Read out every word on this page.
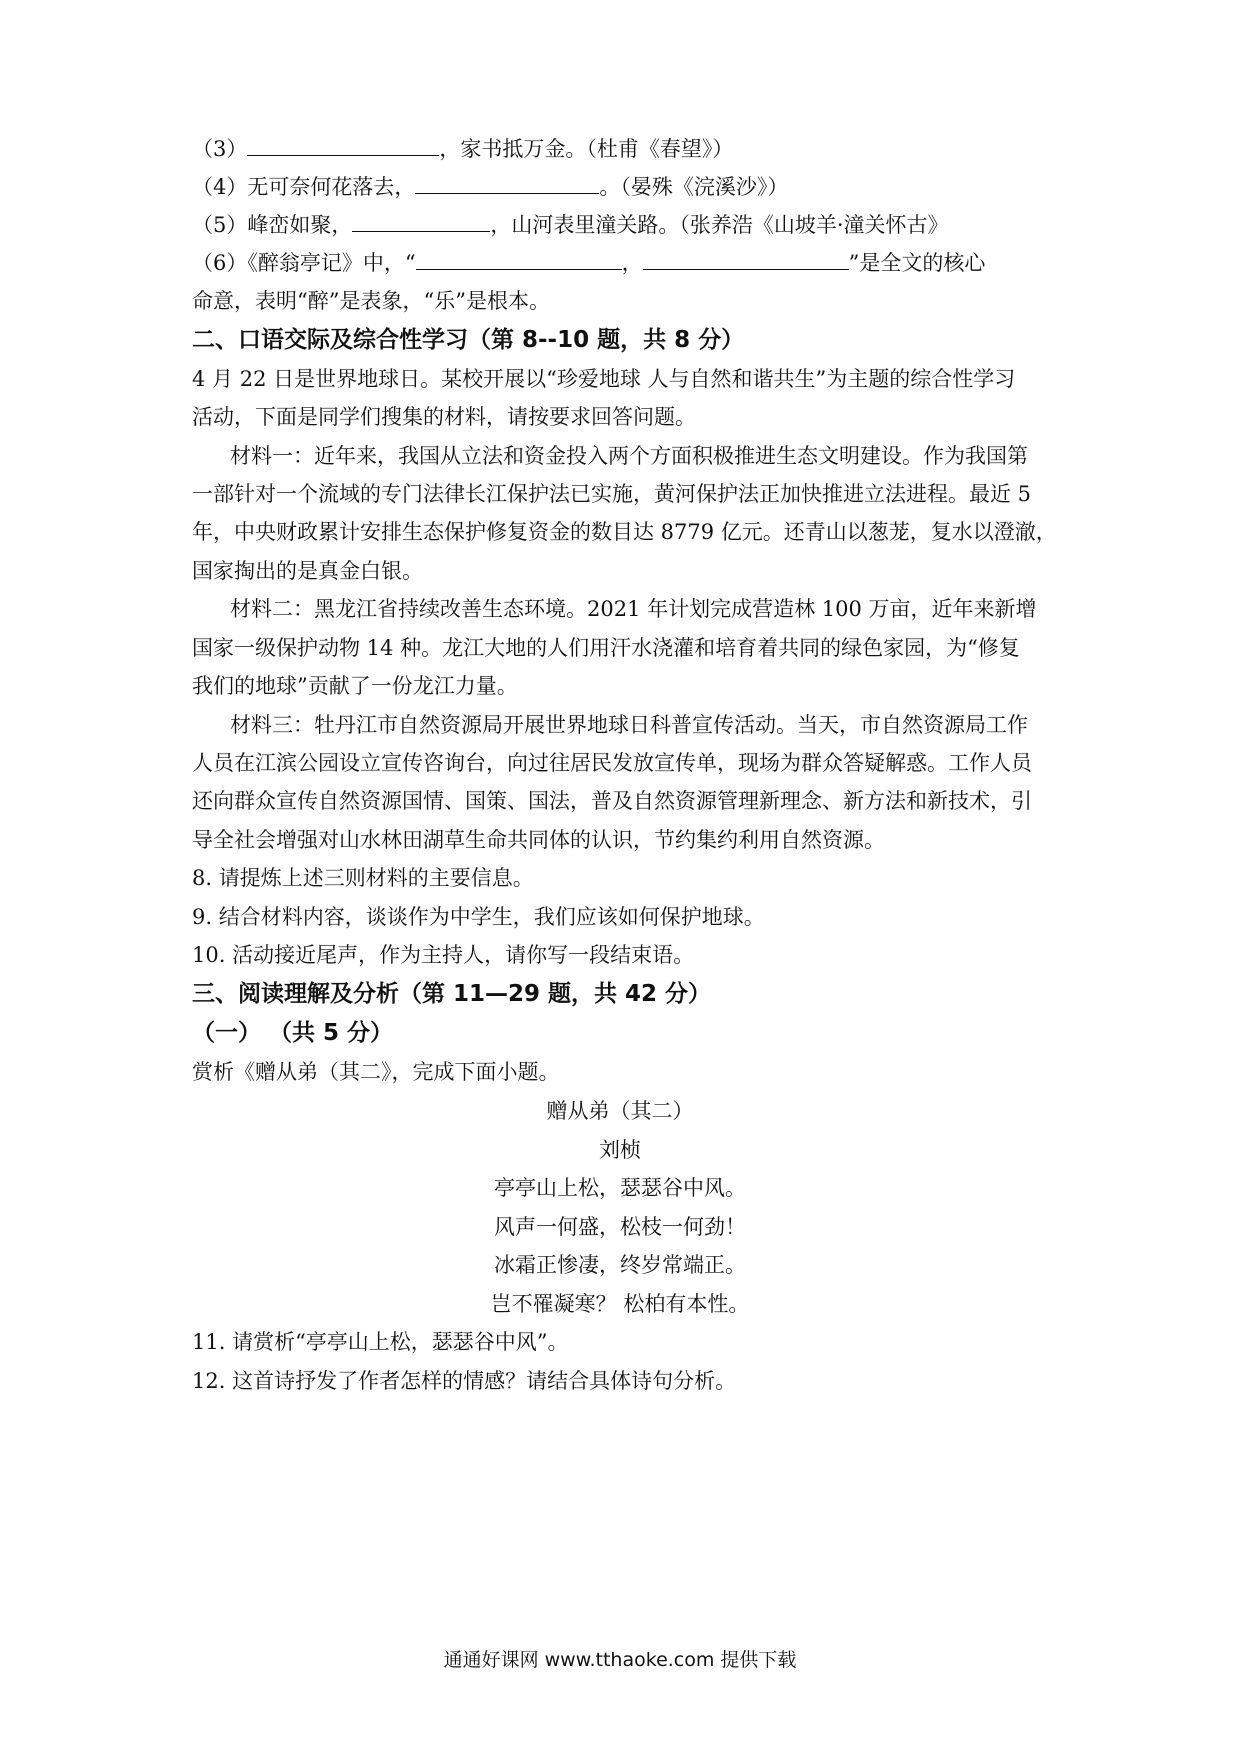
（3）	，家书抵万金。（杜甫《春望》）
（4）无可奈何花落去，	。（晏殊《浣溪沙》）
（5）峰峦如聚，	，山河表里潼关路。（张养浩《山坡羊·潼关怀古》
（6）《醉翁亭记》中，“	，	”是全文的核心
命意，表明“醉”是表象，“乐”是根本。
二、口语交际及综合性学习（第 8--10 题，共 8 分）
4 月 22 日是世界地球日。某校开展以“珍爱地球 人与自然和谐共生”为主题的综合性学习
活动，下面是同学们搜集的材料，请按要求回答问题。
材料一：近年来，我国从立法和资金投入两个方面积极推进生态文明建设。作为我国第
一部针对一个流域的专门法律长江保护法已实施，黄河保护法正加快推进立法进程。最近 5
年，中央财政累计安排生态保护修复资金的数目达 8779 亿元。还青山以葱茏，复水以澄澈，
国家掏出的是真金白银。
材料二：黑龙江省持续改善生态环境。2021 年计划完成营造林 100 万亩，近年来新增
国家一级保护动物 14 种。龙江大地的人们用汗水浇灌和培育着共同的绿色家园，为“修复
我们的地球”贡献了一份龙江力量。
材料三：牡丹江市自然资源局开展世界地球日科普宣传活动。当天，市自然资源局工作
人员在江滨公园设立宣传咨询台，向过往居民发放宣传单，现场为群众答疑解惑。工作人员
还向群众宣传自然资源国情、国策、国法，普及自然资源管理新理念、新方法和新技术，引
导全社会增强对山水林田湖草生命共同体的认识，节约集约利用自然资源。
8. 请提炼上述三则材料的主要信息。
9. 结合材料内容，谈谈作为中学生，我们应该如何保护地球。
10. 活动接近尾声，作为主持人，请你写一段结束语。
三、阅读理解及分析（第 11—29 题，共 42 分）
（一） （共 5 分）
赏析《赠从弟（其二》，完成下面小题。
赠从弟（其二）
刘桢
亭亭山上松，瑟瑟谷中风。
风声一何盛，松枝一何劲！
冰霜正惨凄，终岁常端正。
岂不罹凝寒？ 松柏有本性。
11. 请赏析“亭亭山上松，瑟瑟谷中风”。
12. 这首诗抒发了作者怎样的情感？请结合具体诗句分析。
通通好课网 www.tthaoke.com 提供下载
